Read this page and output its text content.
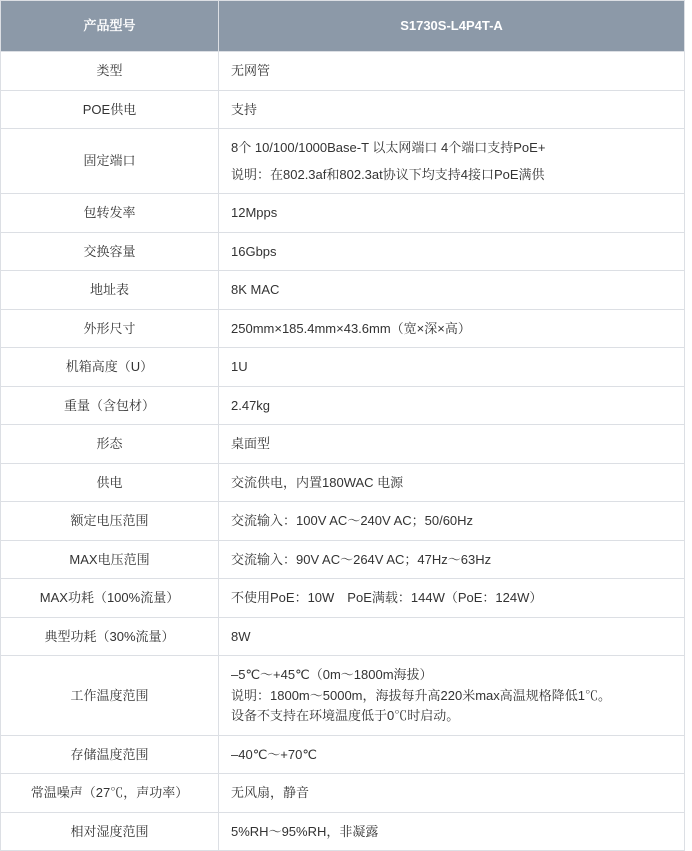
产品型号	S1730S-L4P4T-A
类型	无网管

POE供电	支持

固定端口	8个 10/100/1000Base-T 以太网端口 4个端口支持PoE+
说明：在802.3af和802.3at协议下均支持4接口PoE满供

包转发率	12Mpps

交换容量	16Gbps

地址表	8K MAC

外形尺寸	250mm×185.4mm×43.6mm（宽×深×高）

机箱高度（U）	1U

重量（含包材）	2.47kg

形态	桌面型

供电	交流供电，内置180WAC 电源

额定电压范围	交流输入：100V AC～240V AC；50/60Hz

MAX电压范围	交流输入：90V AC～264V AC；47Hz～63Hz

MAX功耗（100%流量）	不使用PoE：10W　PoE满载：144W（PoE：124W）

典型功耗（30%流量）	8W

工作温度范围	–5℃～+45℃（0m～1800m海拔）
说明：1800m～5000m，海拔每升高220米max高温规格降低1℃。
设备不支持在环境温度低于0℃时启动。

存储温度范围	–40℃～+70℃

常温噪声（27℃，声功率）	无风扇，静音

相对湿度范围	5%RH～95%RH，非凝露
